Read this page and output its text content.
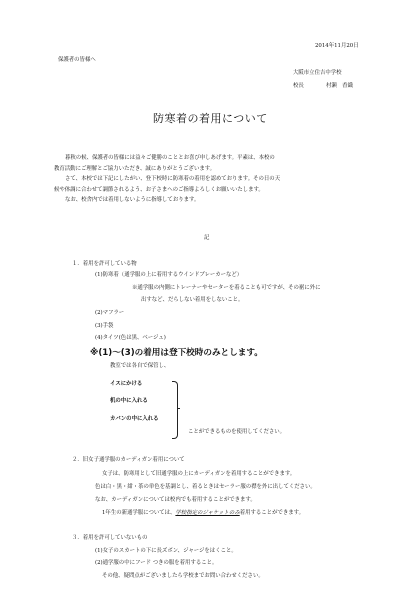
2014年11月20日
保護者の皆様へ
大阪市立住吉中学校
校長	村瀬　香織
防寒着の着用について
暮秋の候、保護者の皆様には益々ご健勝のこととお喜び申しあげます。平素は、本校の
教育活動にご理解とご協力いただき、誠にありがとうございます。
さて、本校では下記にしたがい、登下校時に防寒着の着用を認めております。その日の天
候や体調に合わせて調節されるよう、お子さまへのご指導よろしくお願いいたします。
なお、校舎内では着用しないように指導しております。
記
１．着用を許可している物
(1)防寒着（通学服の上に着用するウインドブレーカーなど）
※通学服の内側にトレーナーやセーターを着ることも可ですが、その裾に外に
出すなど、だらしない着用をしないこと。
(2)マフラー
(3)手袋
(4)タイツ(色は黒、ベージュ)
※(1)～(3)の着用は登下校時のみとします。
教室では各自で保管し、
イスにかける
机の中に入れる
カバンの中に入れる
ことができるものを使用してください。
２．旧女子通学服のカーディガン着用について
女子は、防寒用として旧通学服の上にカーディガンを着用することができます。
色は白・黒・紺・茶の単色を基調とし、着るときはセーラー服の襟を外に出してください。
なお、カーディガンについては校内でも着用することができます。
1年生の新通学服については、学校指定のジャケットのみ着用することができます。
３．着用を許可していないもの
(1)女子のスカートの下に長ズボン、ジャージをはくこと。
(2)通学服の中にフード つきの服を着用すること。
その他、疑問点がございましたら学校までお問い合わせください。
